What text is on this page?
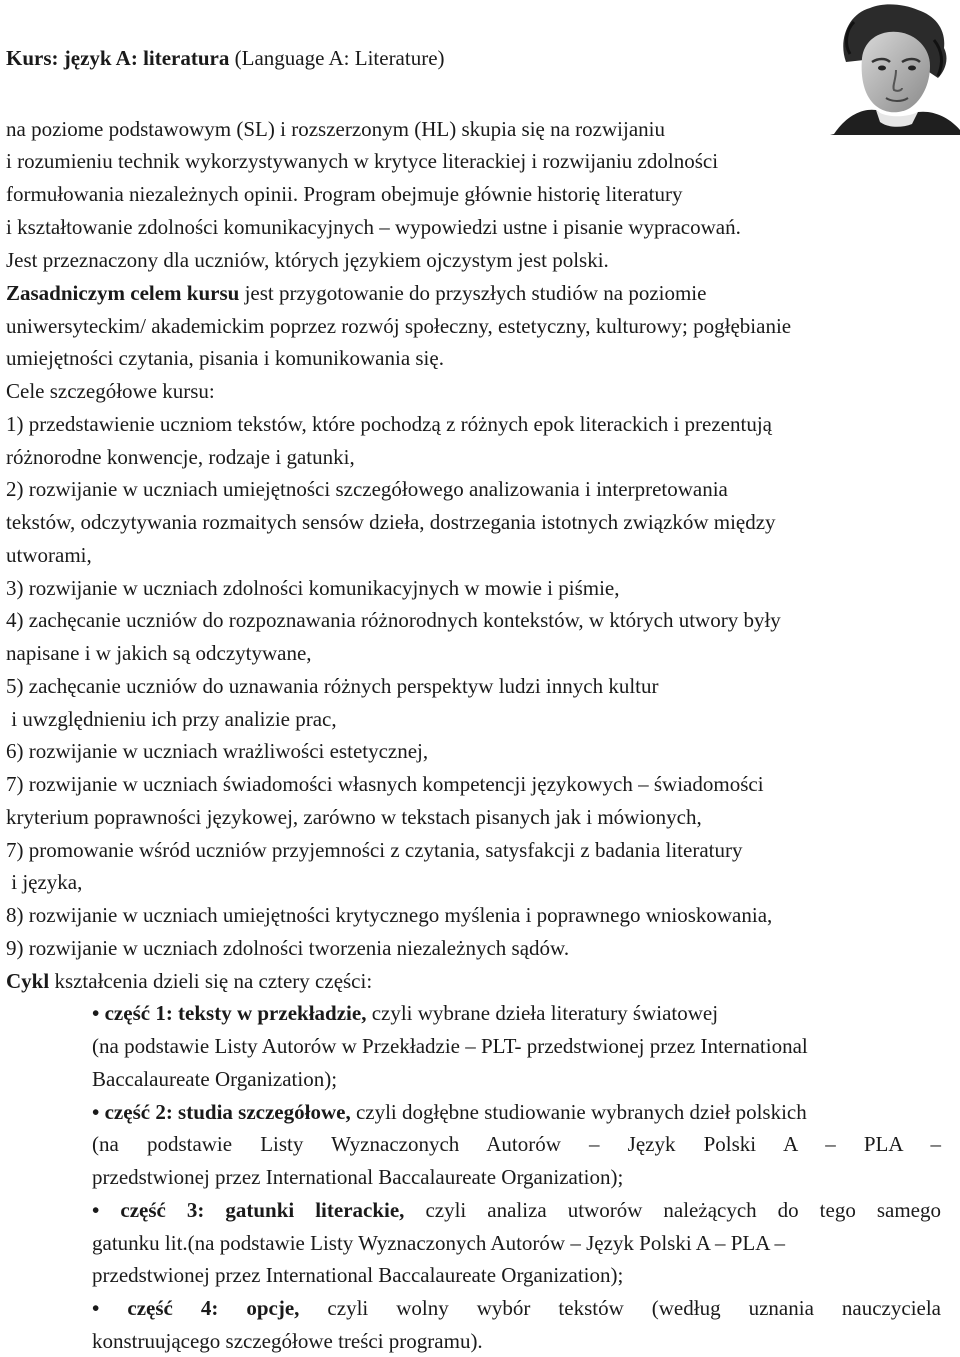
Kurs: język A: literatura (Language A: Literature)

na poziome podstawowym (SL) i rozszerzonym (HL) skupia się na rozwijaniu

i rozumieniu technik wykorzystywanych w krytyce literackiej i rozwijaniu zdolności

formułowania niezależnych opinii. Program obejmuje głównie historię literatury

i kształtowanie zdolności komunikacyjnych – wypowiedzi ustne i pisanie wypracowań.

Jest przeznaczony dla uczniów, których językiem ojczystym jest polski.

Zasadniczym celem kursu jest przygotowanie do przyszłych studiów na poziomie

uniwersyteckim/ akademickim poprzez rozwój społeczny, estetyczny, kulturowy; pogłębianie

umiejętności czytania, pisania i komunikowania się.

Cele szczegółowe kursu:

1) przedstawienie uczniom tekstów, które pochodzą z różnych epok literackich i prezentują

różnorodne konwencje, rodzaje i gatunki,

2) rozwijanie w uczniach umiejętności szczegółowego analizowania i interpretowania

tekstów, odczytywania rozmaitych sensów dzieła, dostrzegania istotnych związków między

utworami,

3) rozwijanie w uczniach zdolności komunikacyjnych w mowie i piśmie,

4) zachęcanie uczniów do rozpoznawania różnorodnych kontekstów, w których utwory były

napisane i w jakich są odczytywane,

5) zachęcanie uczniów do uznawania różnych perspektyw ludzi innych kultur

i uwzględnieniu ich przy analizie prac,

6) rozwijanie w uczniach wrażliwości estetycznej,

7) rozwijanie w uczniach świadomości własnych kompetencji językowych – świadomości

kryterium poprawności językowej, zarówno w tekstach pisanych jak i mówionych,

7) promowanie wśród uczniów przyjemności z czytania, satysfakcji z badania literatury

i języka,

8) rozwijanie w uczniach umiejętności krytycznego myślenia i poprawnego wnioskowania,

9) rozwijanie w uczniach zdolności tworzenia niezależnych sądów.

Cykl kształcenia dzieli się na cztery części:

• część 1: teksty w przekładzie, czyli wybrane dzieła literatury światowej

(na podstawie Listy Autorów w Przekładzie – PLT- przedstwionej przez International

Baccalaureate Organization);

• część 2: studia szczegółowe, czyli dogłębne studiowanie wybranych dzieł polskich

(na podstawie Listy Wyznaczonych Autorów – Język Polski A – PLA –

przedstwionej przez International Baccalaureate Organization);

• część 3: gatunki literackie, czyli analiza utworów należących do tego samego

gatunku lit.(na podstawie Listy Wyznaczonych Autorów – Język Polski A – PLA –

przedstwionej przez International Baccalaureate Organization);

• część 4: opcje, czyli wolny wybór tekstów (według uznania nauczyciela

konstruującego szczegółowe treści programu).
